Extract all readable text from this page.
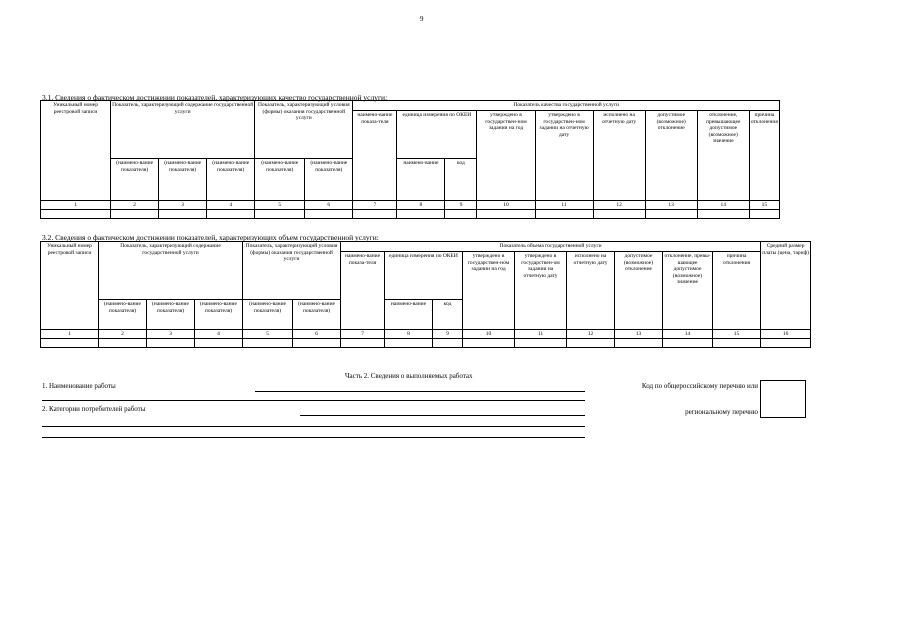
9
3.1. Сведения о фактическом достижении показателей, характеризующих качество государственной услуги:
Уникальный номер реестровой записи	Показатель, характеризующий содержание государственной услуги			Показатель, характеризующий условия (формы) оказания государственной услуги		Показатель качества государственной услуги								
						наимено-вание показа-теля	единица измерения по ОКЕИ		утверждено в государствен-ном задании на год	утверждено в государствен-ном задании на отчетную дату	исполнено на отчетную дату	допустимое (возможное) отклонение	отклонение, превышающее допустимое (возможное) значение	причина отклонения
	(наимено-вание показателя)	(наимено-вание показателя)	(наимено-вание показателя)	(наимено-вание показателя)	(наимено-вание показателя)		наимено-вание	код						
1	2	3	4	5	6	7	8	9	10	11	12	13	14	15

3.2. Сведения о фактическом достижении показателей, характеризующих объем государственной услуги:
Уникальный номер реестровой записи	Показатель, характеризующий содержание государственной услуги			Показатель, характеризующий условия (формы) оказания государственной услуги		Показатель объема государственной услуги									Средний размер платы (цена, тариф)
						наимено-вание показа-теля	единица измерения по ОКЕИ		утверждено в государствен-ном задании на год	утверждено в государствен-ом задании на отчетную дату	исполнено на отчетную дату	допустимое (возможное) отклонение	отклонение, превы-шающее допустимое (возможное) значение	причина отклонения	
	(наимено-вание показателя)	(наимено-вание показателя)	(наимено-вание показателя)	(наимено-вание показателя)	(наимено-вание показателя)		наимено-вание	код							
1	2	3	4	5	6	7	8	9	10	11	12	13	14	15	16

Часть 2. Сведения о выполняемых работах
1. Наименование работы
2. Категории потребителей работы
Код по общероссийскому перечню или
региональному перечню
